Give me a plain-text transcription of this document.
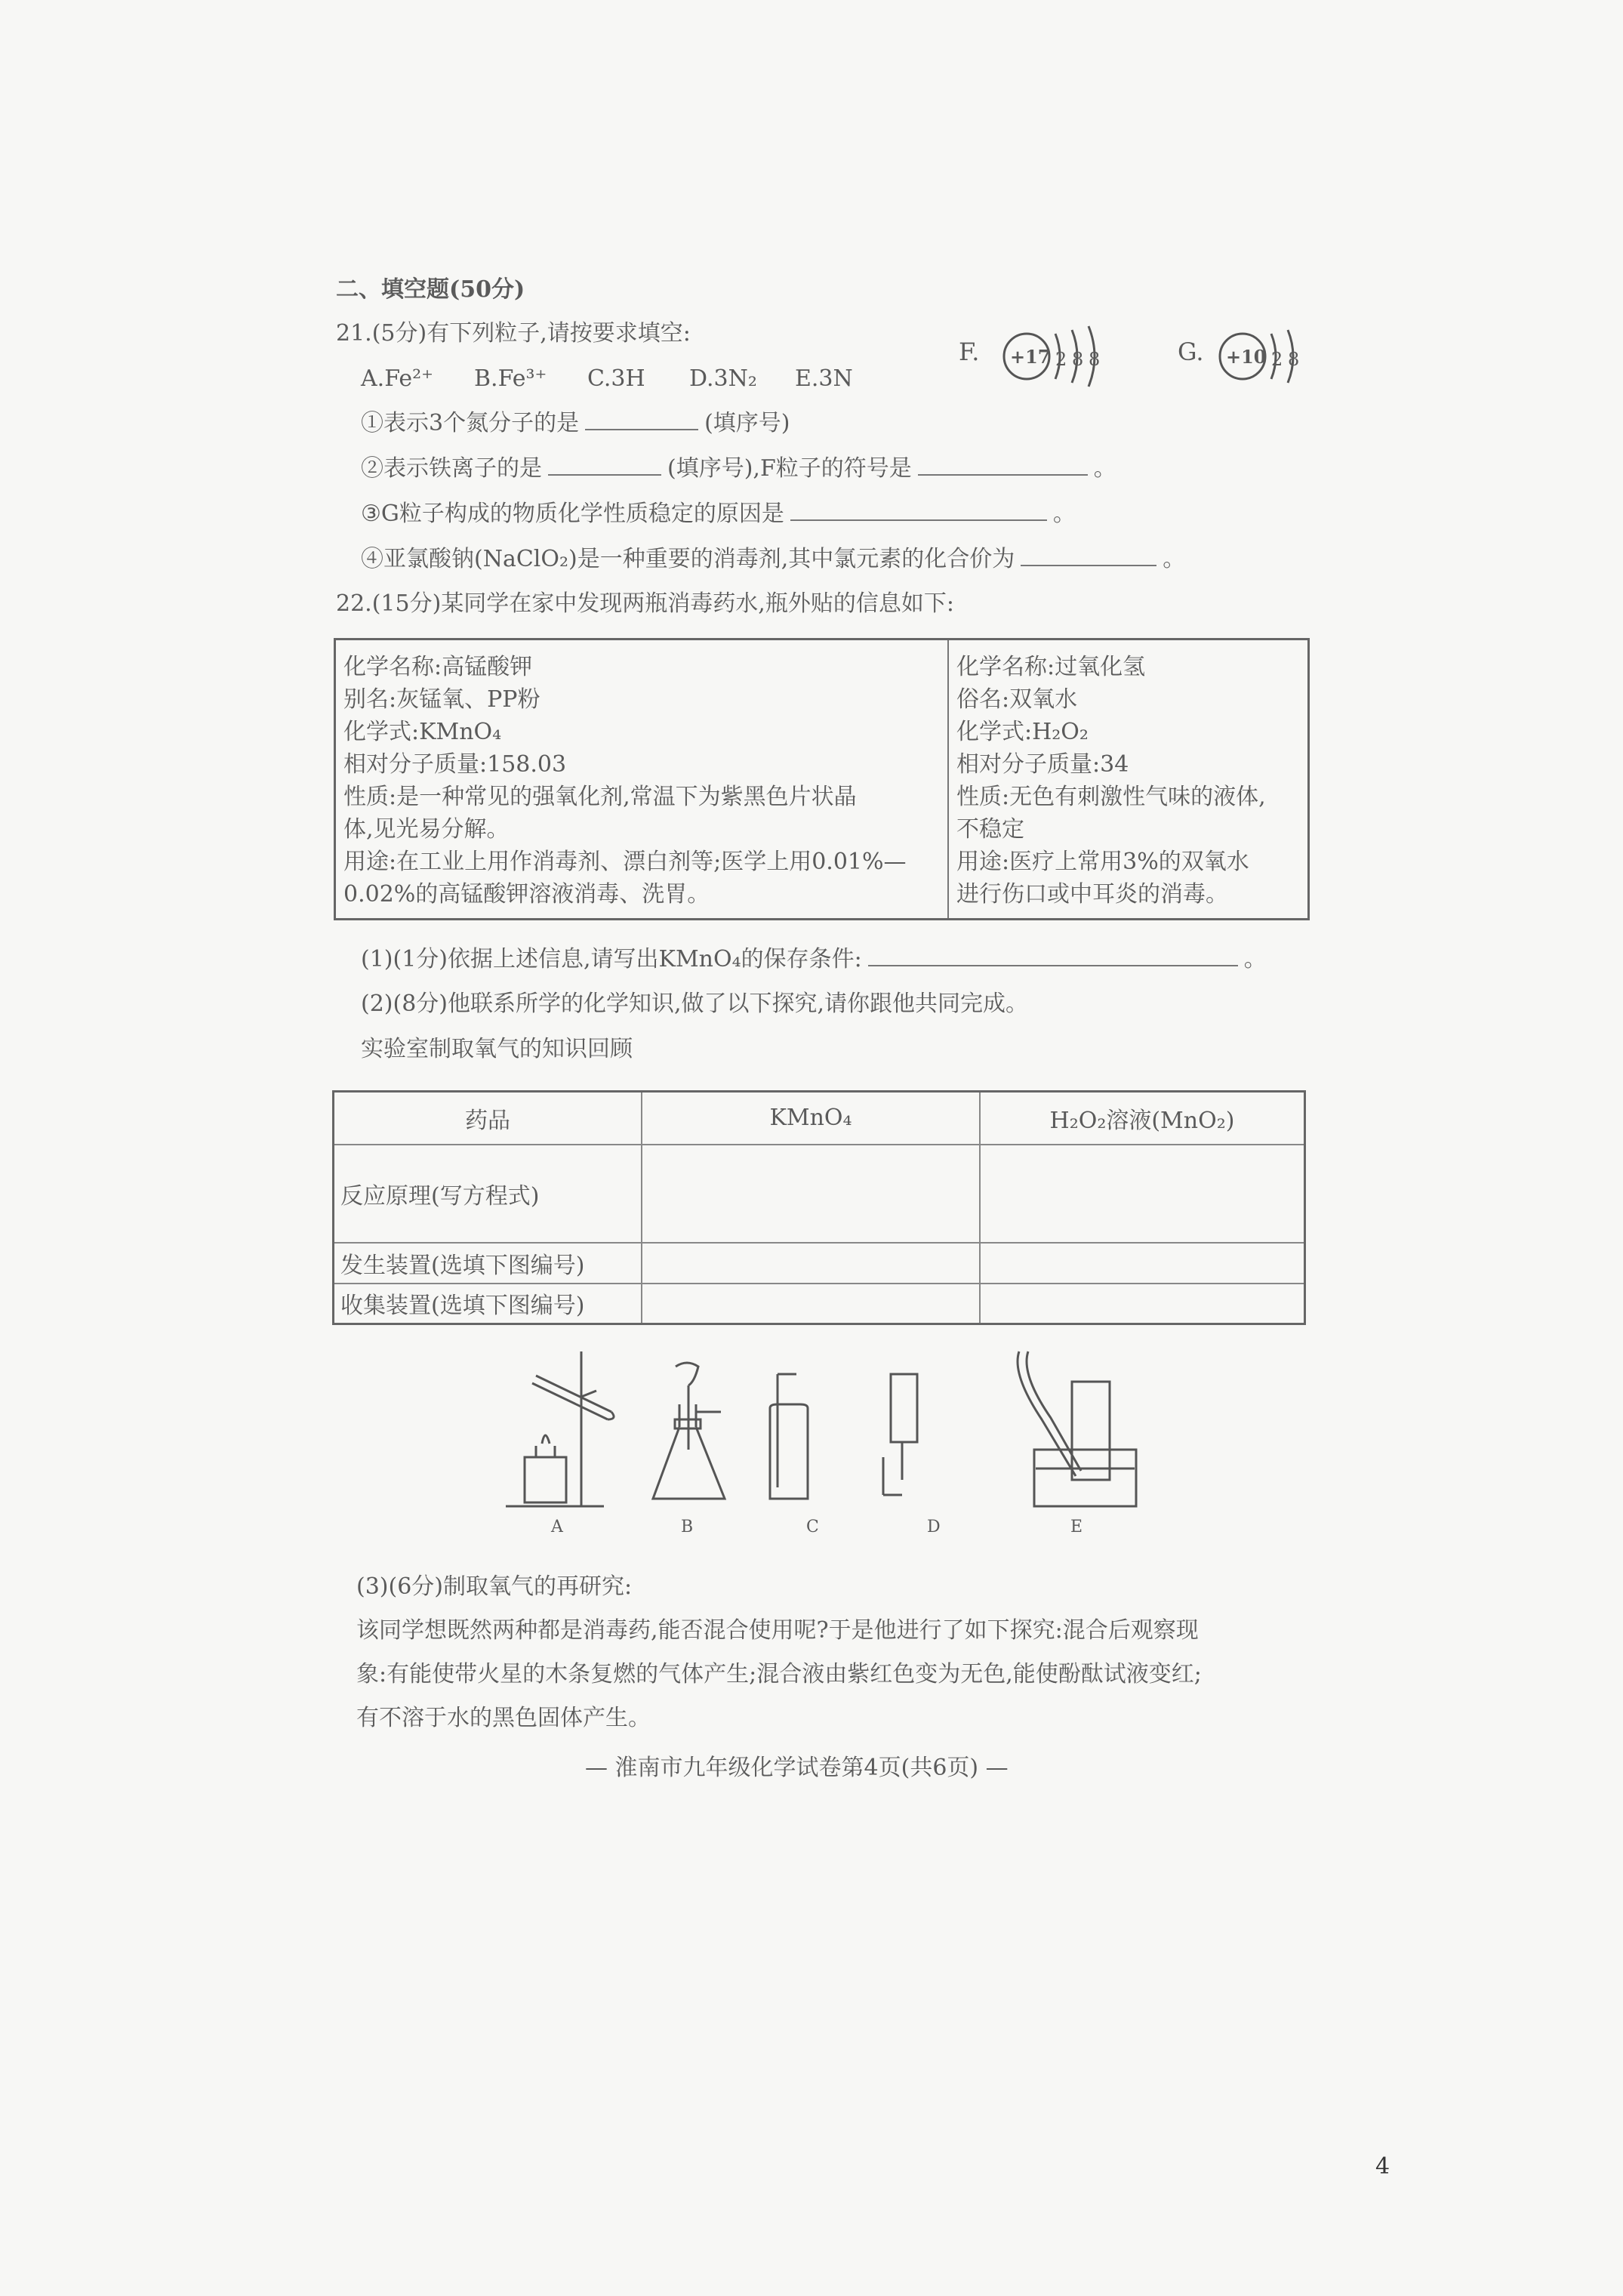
二、填空题(50分)
21.(5分)有下列粒子,请按要求填空:
A.Fe²⁺ B.Fe³⁺ C.3H D.3N₂ E.3N
F. +17 2 8 8	G. +10 2 8
①表示3个氮分子的是	(填序号)
②表示铁离子的是	(填序号),F粒子的符号是	。
③G粒子构成的物质化学性质稳定的原因是	。
④亚氯酸钠(NaClO₂)是一种重要的消毒剂,其中氯元素的化合价为	。
22.(15分)某同学在家中发现两瓶消毒药水,瓶外贴的信息如下:
化学名称:高锰酸钾
别名:灰锰氧、PP粉
化学式:KMnO₄
相对分子质量:158.03
性质:是一种常见的强氧化剂,常温下为紫黑色片状晶
体,见光易分解。
用途:在工业上用作消毒剂、漂白剂等;医学上用0.01%—
0.02%的高锰酸钾溶液消毒、洗胃。

化学名称:过氧化氢
俗名:双氧水
化学式:H₂O₂
相对分子质量:34
性质:无色有刺激性气味的液体,
不稳定
用途:医疗上常用3%的双氧水
进行伤口或中耳炎的消毒。
(1)(1分)依据上述信息,请写出KMnO₄的保存条件:	。
(2)(8分)他联系所学的化学知识,做了以下探究,请你跟他共同完成。
实验室制取氧气的知识回顾
药品	KMnO₄	H₂O₂溶液(MnO₂)
反应原理(写方程式)		
发生装置(选填下图编号)		
收集装置(选填下图编号)		
A	B	C	D	E
(3)(6分)制取氧气的再研究:
该同学想既然两种都是消毒药,能否混合使用呢?于是他进行了如下探究:混合后观察现
象:有能使带火星的木条复燃的气体产生;混合液由紫红色变为无色,能使酚酞试液变红;
有不溶于水的黑色固体产生。
— 淮南市九年级化学试卷第4页(共6页) —
4
